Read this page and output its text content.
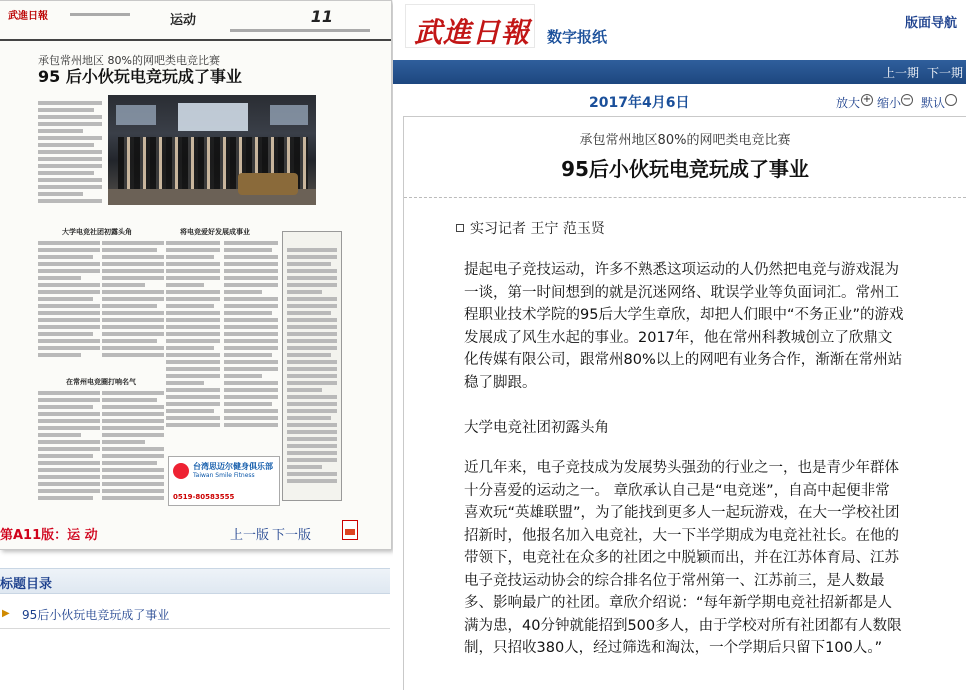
武進日報	运动	11
承包常州地区 80%的网吧类电竞比赛
95 后小伙玩电竞玩成了事业
大学电竞社团初露头角	将电竞爱好发展成事业
在常州电竞圈打响名气
台湾思迈尔健身俱乐部
Taiwan Smile Fitness
0519-80583555
第A11版：运 动	上一版 下一版
标题目录
▶ 95后小伙玩电竞玩成了事业
武進日報 数字报纸
版面导航
上一期 下一期
2017年4月6日	放大 + 缩小 − 默认
承包常州地区80%的网吧类电竞比赛
95后小伙玩电竞玩成了事业
实习记者 王宁 范玉贤
提起电子竞技运动，许多不熟悉这项运动的人仍然把电竞与游戏混为一谈，第一时间想到的就是沉迷网络、耽误学业等负面词汇。常州工程职业技术学院的95后大学生章欣，却把人们眼中“不务正业”的游戏发展成了风生水起的事业。2017年，他在常州科教城创立了欣鼎文化传媒有限公司，跟常州80%以上的网吧有业务合作，渐渐在常州站稳了脚跟。
大学电竞社团初露头角
近几年来，电子竞技成为发展势头强劲的行业之一，也是青少年群体十分喜爱的运动之一。 章欣承认自己是“电竞迷”，自高中起便非常喜欢玩“英雄联盟”，为了能找到更多人一起玩游戏，在大一学校社团招新时，他报名加入电竞社，大一下半学期成为电竞社社长。在他的带领下，电竞社在众多的社团之中脱颖而出，并在江苏体育局、江苏电子竞技运动协会的综合排名位于常州第一、江苏前三，是人数最多、影响最广的社团。章欣介绍说：“每年新学期电竞社招新都是人满为患，40分钟就能招到500多人，由于学校对所有社团都有人数限制，只招收380人，经过筛选和淘汰，一个学期后只留下100人。”
